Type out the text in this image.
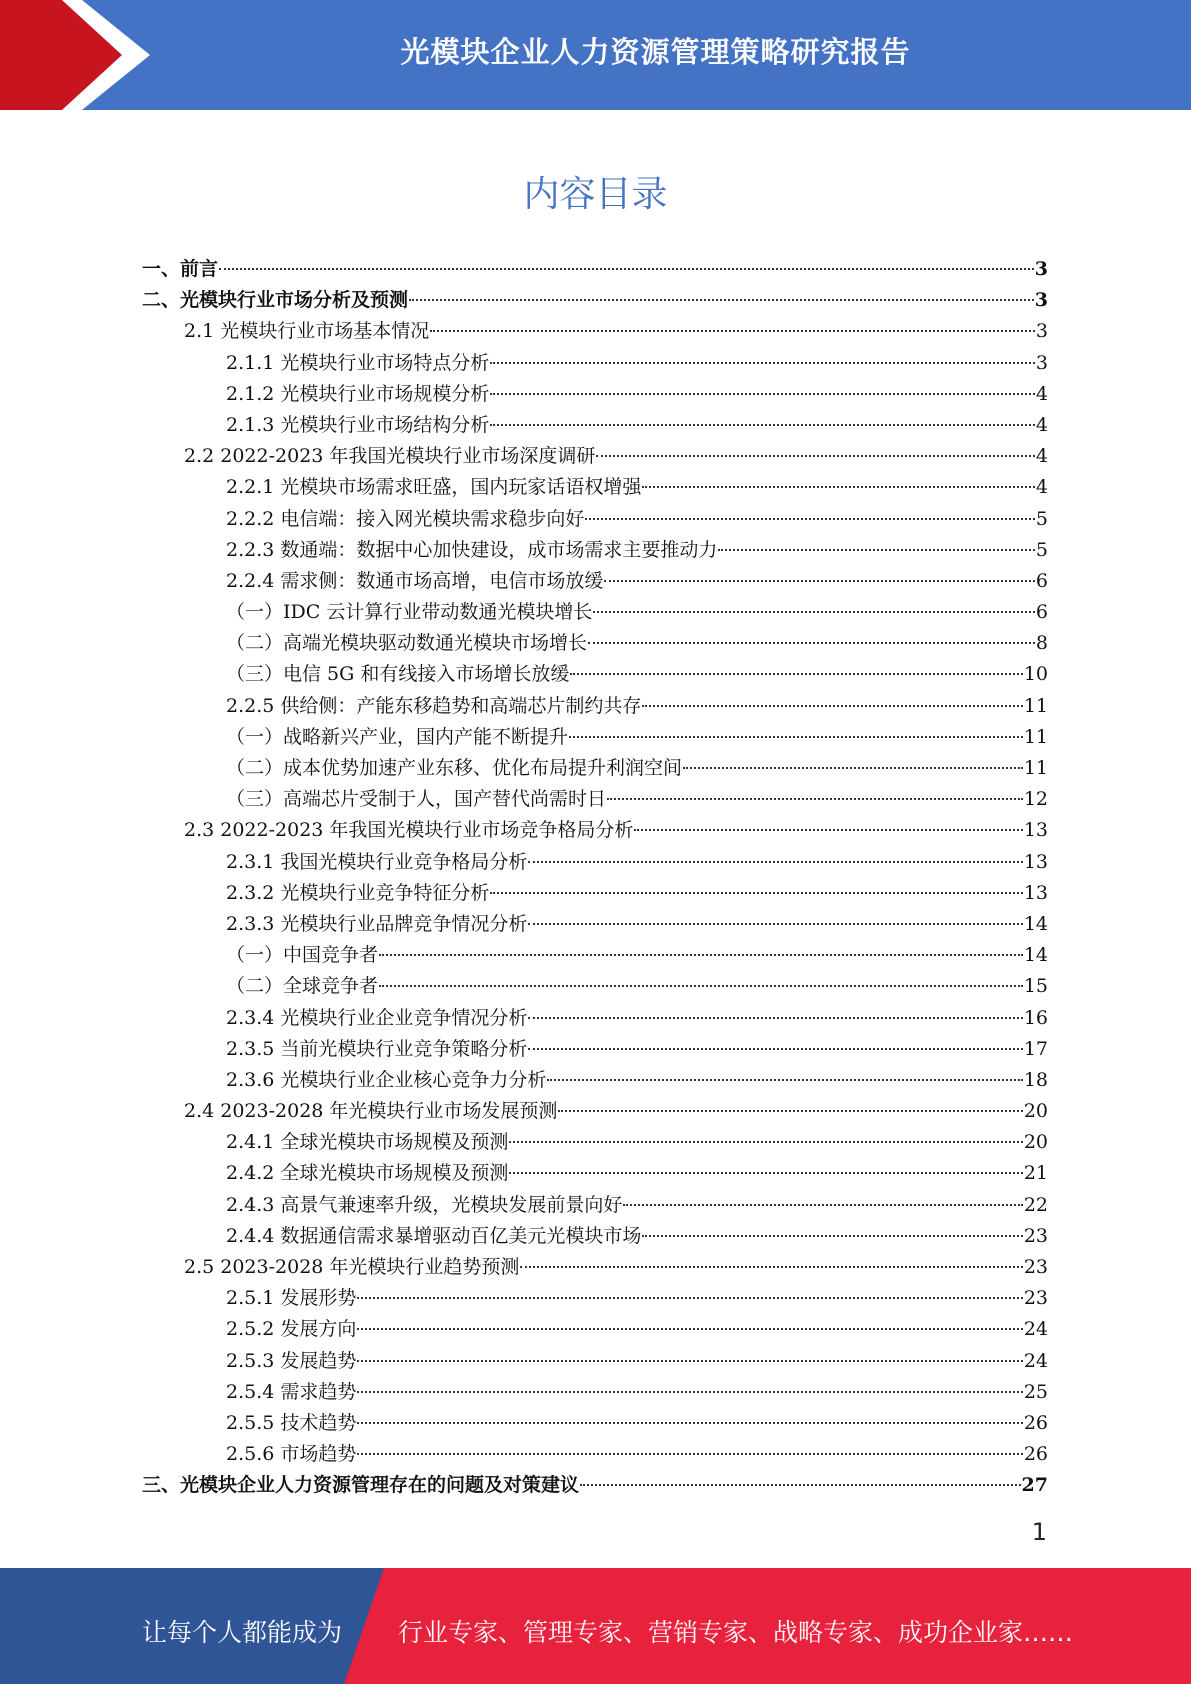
光模块企业人力资源管理策略研究报告
内容目录
一、前言	3
二、光模块行业市场分析及预测	3
2.1 光模块行业市场基本情况	3
2.1.1 光模块行业市场特点分析	3
2.1.2 光模块行业市场规模分析	4
2.1.3 光模块行业市场结构分析	4
2.2 2022-2023 年我国光模块行业市场深度调研	4
2.2.1 光模块市场需求旺盛，国内玩家话语权增强	4
2.2.2 电信端：接入网光模块需求稳步向好	5
2.2.3 数通端：数据中心加快建设，成市场需求主要推动力	5
2.2.4 需求侧：数通市场高增，电信市场放缓	6
（一）IDC 云计算行业带动数通光模块增长	6
（二）高端光模块驱动数通光模块市场增长	8
（三）电信 5G 和有线接入市场增长放缓	10
2.2.5 供给侧：产能东移趋势和高端芯片制约共存	11
（一）战略新兴产业，国内产能不断提升	11
（二）成本优势加速产业东移、优化布局提升利润空间	11
（三）高端芯片受制于人，国产替代尚需时日	12
2.3 2022-2023 年我国光模块行业市场竞争格局分析	13
2.3.1 我国光模块行业竞争格局分析	13
2.3.2 光模块行业竞争特征分析	13
2.3.3 光模块行业品牌竞争情况分析	14
（一）中国竞争者	14
（二）全球竞争者	15
2.3.4 光模块行业企业竞争情况分析	16
2.3.5 当前光模块行业竞争策略分析	17
2.3.6 光模块行业企业核心竞争力分析	18
2.4 2023-2028 年光模块行业市场发展预测	20
2.4.1 全球光模块市场规模及预测	20
2.4.2 全球光模块市场规模及预测	21
2.4.3 高景气兼速率升级，光模块发展前景向好	22
2.4.4 数据通信需求暴增驱动百亿美元光模块市场	23
2.5 2023-2028 年光模块行业趋势预测	23
2.5.1 发展形势	23
2.5.2 发展方向	24
2.5.3 发展趋势	24
2.5.4 需求趋势	25
2.5.5 技术趋势	26
2.5.6 市场趋势	26
三、光模块企业人力资源管理存在的问题及对策建议	27
1
让每个人都能成为 行业专家、管理专家、营销专家、战略专家、成功企业家……
